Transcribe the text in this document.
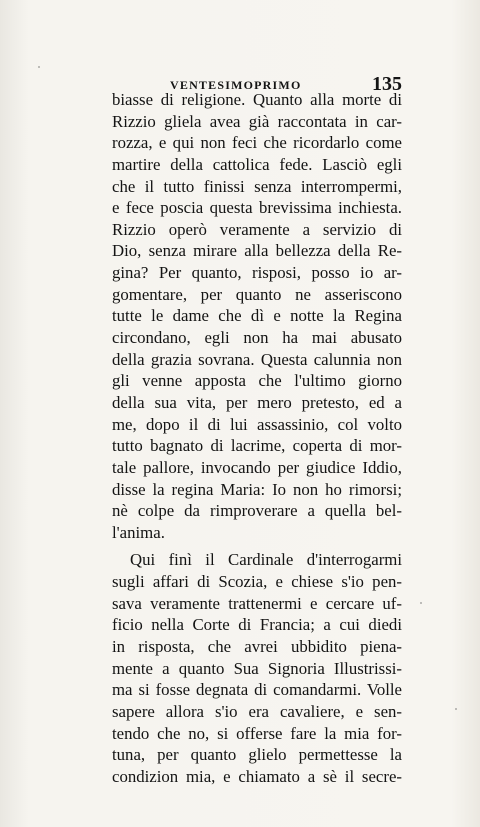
VENTESIMOPRIMO	135
biasse di religione. Quanto alla morte di
Rizzio gliela avea già raccontata in car-
rozza, e qui non feci che ricordarlo come
martire della cattolica fede. Lasciò egli
che il tutto finissi senza interrompermi,
e fece poscia questa brevissima inchiesta.
Rizzio operò veramente a servizio di
Dio, senza mirare alla bellezza della Re-
gina? Per quanto, risposi, posso io ar-
gomentare, per quanto ne asseriscono
tutte le dame che dì e notte la Regina
circondano, egli non ha mai abusato
della grazia sovrana. Questa calunnia non
gli venne apposta che l'ultimo giorno
della sua vita, per mero pretesto, ed a
me, dopo il di lui assassinio, col volto
tutto bagnato di lacrime, coperta di mor-
tale pallore, invocando per giudice Iddio,
disse la regina Maria: Io non ho rimorsi;
nè colpe da rimproverare a quella bel-
l'anima.
Qui finì il Cardinale d'interrogarmi
sugli affari di Scozia, e chiese s'io pen-
sava veramente trattenermi e cercare uf-
ficio nella Corte di Francia; a cui diedi
in risposta, che avrei ubbidito piena-
mente a quanto Sua Signoria Illustrissi-
ma si fosse degnata di comandarmi. Volle
sapere allora s'io era cavaliere, e sen-
tendo che no, si offerse fare la mia for-
tuna, per quanto glielo permettesse la
condizion mia, e chiamato a sè il secre-
